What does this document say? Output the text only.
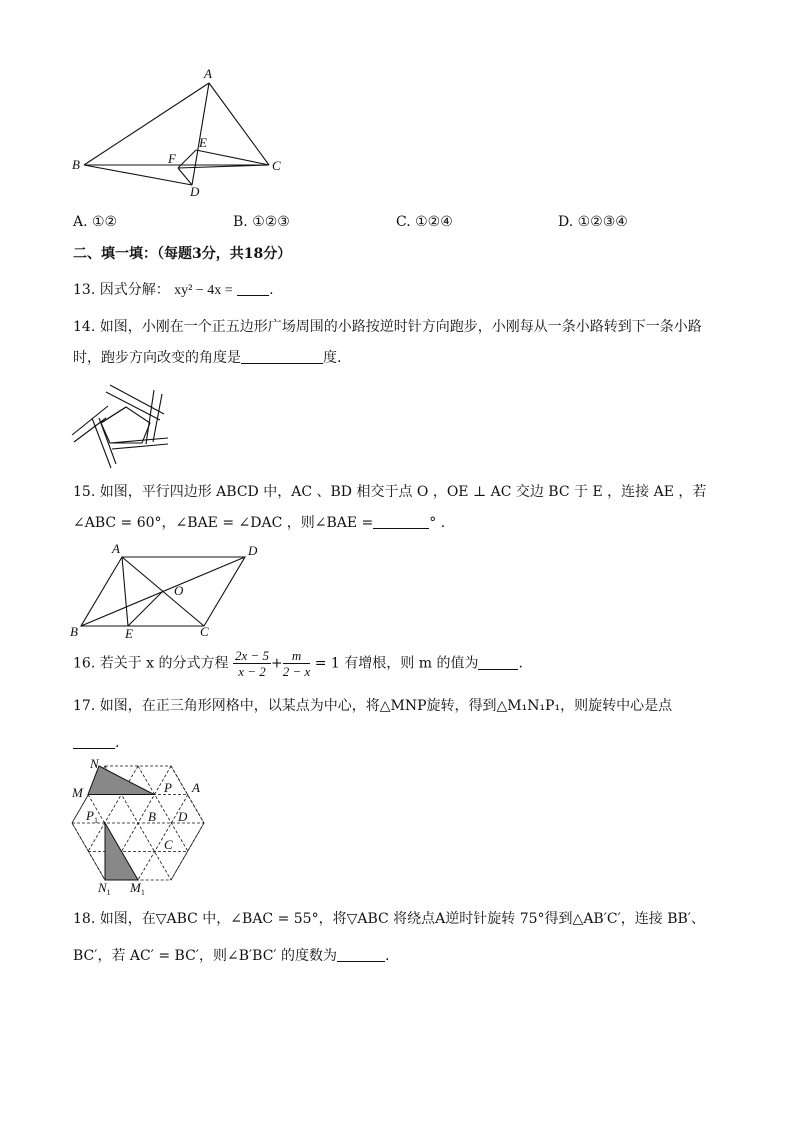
A
B	C
D
E
F
A. ①②	B. ①②③	C. ①②④	D. ①②③④
二、填一填：（每题3分，共18分）
13. 因式分解： xy² − 4x =	.
14. 如图，小刚在一个正五边形广场周围的小路按逆时针方向跑步，小刚每从一条小路转到下一条小路
时，跑步方向改变的角度是	度.
15. 如图，平行四边形 ABCD 中，AC 、BD 相交于点 O ，OE ⊥ AC 交边 BC 于 E ，连接 AE ，若
∠ABC = 60°，∠BAE = ∠DAC ，则∠BAE =	° .
A	D
O
B	E	C
16. 若关于 x 的分式方程 $\frac{2x - 5}{x - 2} + \frac{m}{2 - x} = 1$ 有增根，则 m 的值为	.
17. 如图，在正三角形网格中，以某点为中心，将△MNP旋转，得到△M₁N₁P₁，则旋转中心是点
.
N
M	P A
$P_1$	B D
C
$N_1$ $M_1$
18. 如图，在▽ABC 中，∠BAC = 55°，将▽ABC 将绕点A逆时针旋转 75°得到△AB′C′，连接 BB′、
BC′，若 AC′ = BC′，则∠B′BC′ 的度数为	.
